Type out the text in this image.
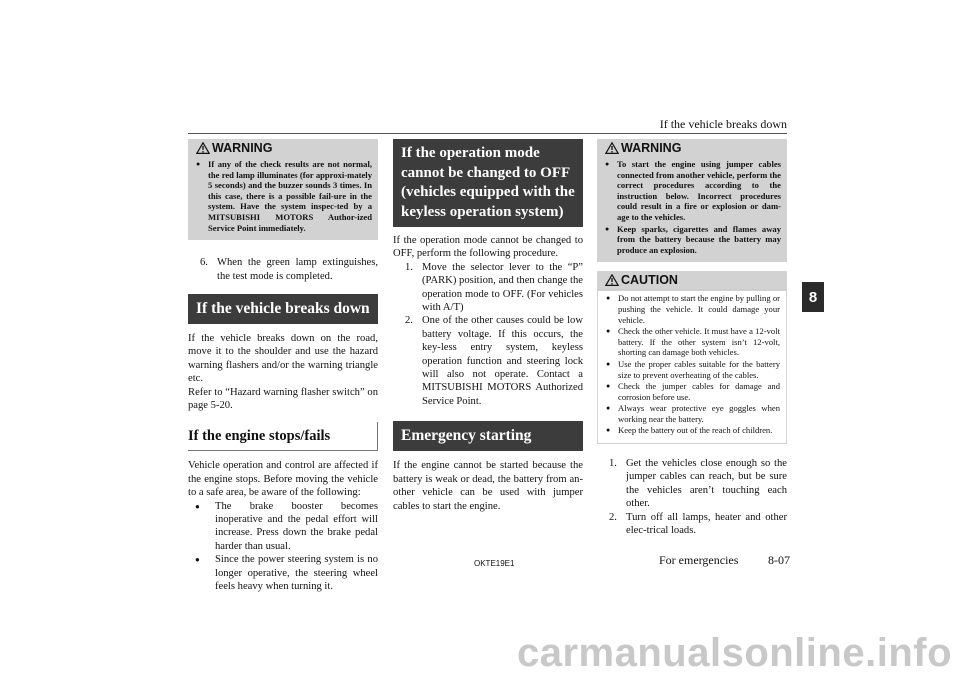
If the vehicle breaks down
8
WARNING
● If any of the check results are not normal, the red lamp illuminates (for approxi-mately 5 seconds) and the buzzer sounds 3 times. In this case, there is a possible fail-ure in the system. Have the system inspec-ted by a MITSUBISHI MOTORS Author-ized Service Point immediately.
6. When the green lamp extinguishes, the test mode is completed.
If the vehicle breaks down

If the vehicle breaks down on the road, move it to the shoulder and use the hazard warning flashers and/or the warning triangle etc.

Refer to “Hazard warning flasher switch” on page 5-20.

If the engine stops/fails

Vehicle operation and control are affected if the engine stops. Before moving the vehicle to a safe area, be aware of the following:

●	The brake booster becomes inoperative and the pedal effort will increase. Press down the brake pedal harder than usual.
●	Since the power steering system is no longer operative, the steering wheel feels heavy when turning it.
If the operation mode cannot be changed to OFF (vehicles equipped with the keyless operation system)

If the operation mode cannot be changed to OFF, perform the following procedure.

1. Move the selector lever to the “P” (PARK) position, and then change the operation mode to OFF. (For vehicles with A/T)
2. One of the other causes could be low battery voltage. If this occurs, the key-less entry system, keyless operation function and steering lock will also not operate. Contact a MITSUBISHI MOTORS Authorized Service Point.
Emergency starting

If the engine cannot be started because the battery is weak or dead, the battery from an-other vehicle can be used with jumper cables to start the engine.

WARNING
● To start the engine using jumper cables connected from another vehicle, perform the correct procedures according to the instruction below. Incorrect procedures could result in a fire or explosion or dam-age to the vehicles.
● Keep sparks, cigarettes and flames away from the battery because the battery may produce an explosion.
CAUTION
● Do not attempt to start the engine by pulling or pushing the vehicle. It could damage your vehicle.
● Check the other vehicle. It must have a 12-volt battery. If the other system isn’t 12-volt, shorting can damage both vehicles.
● Use the proper cables suitable for the battery size to prevent overheating of the cables.
● Check the jumper cables for damage and corrosion before use.
● Always wear protective eye goggles when working near the battery.
● Keep the battery out of the reach of children.
1. Get the vehicles close enough so the jumper cables can reach, but be sure the vehicles aren’t touching each other.
2. Turn off all lamps, heater and other elec-trical loads.
OKTE19E1	For emergencies 8-07
carmanualsonline.info
